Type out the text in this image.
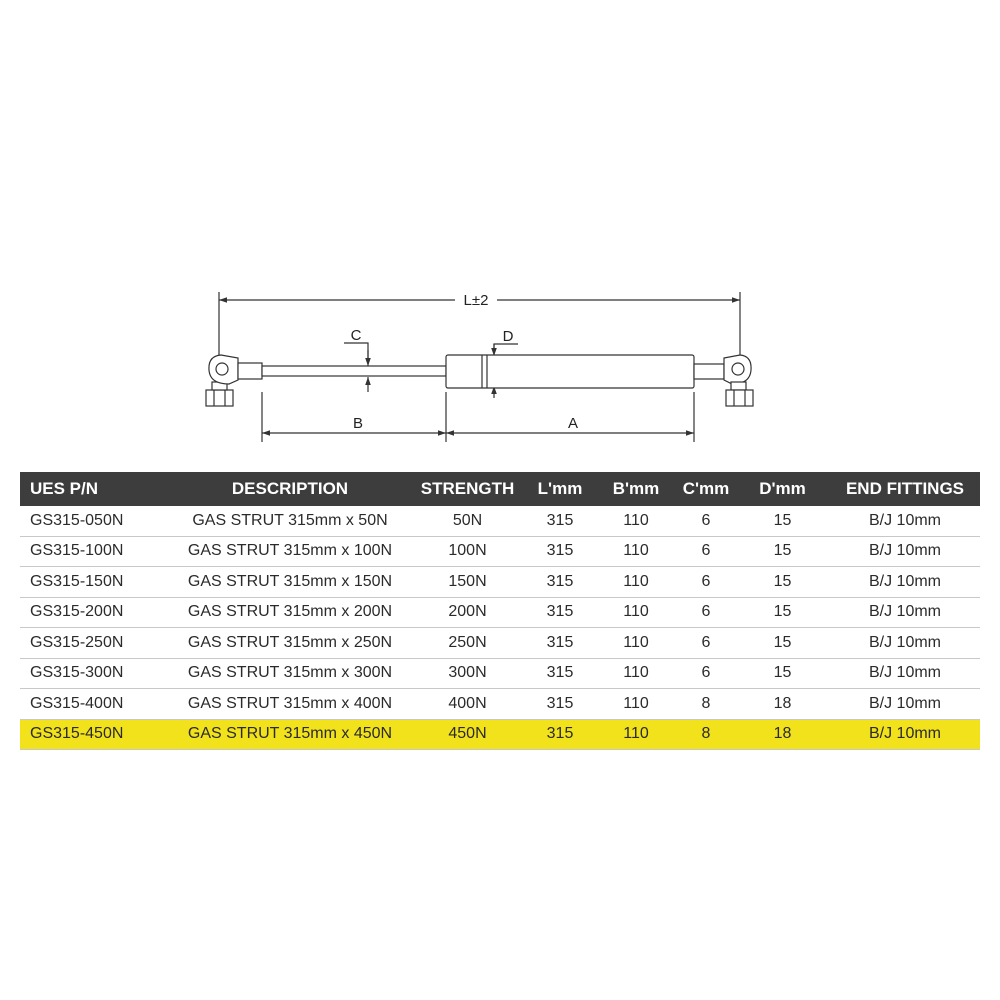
L±2
C	D
B	A
UES P/N	DESCRIPTION	STRENGTH	L'mm	B'mm	C'mm	D'mm	END FITTINGS
GS315-050N	GAS STRUT 315mm x 50N	50N	315	110	6	15	B/J 10mm
GS315-100N	GAS STRUT 315mm x 100N	100N	315	110	6	15	B/J 10mm
GS315-150N	GAS STRUT 315mm x 150N	150N	315	110	6	15	B/J 10mm
GS315-200N	GAS STRUT 315mm x 200N	200N	315	110	6	15	B/J 10mm
GS315-250N	GAS STRUT 315mm x 250N	250N	315	110	6	15	B/J 10mm
GS315-300N	GAS STRUT 315mm x 300N	300N	315	110	6	15	B/J 10mm
GS315-400N	GAS STRUT 315mm x 400N	400N	315	110	8	18	B/J 10mm
GS315-450N	GAS STRUT 315mm x 450N	450N	315	110	8	18	B/J 10mm
